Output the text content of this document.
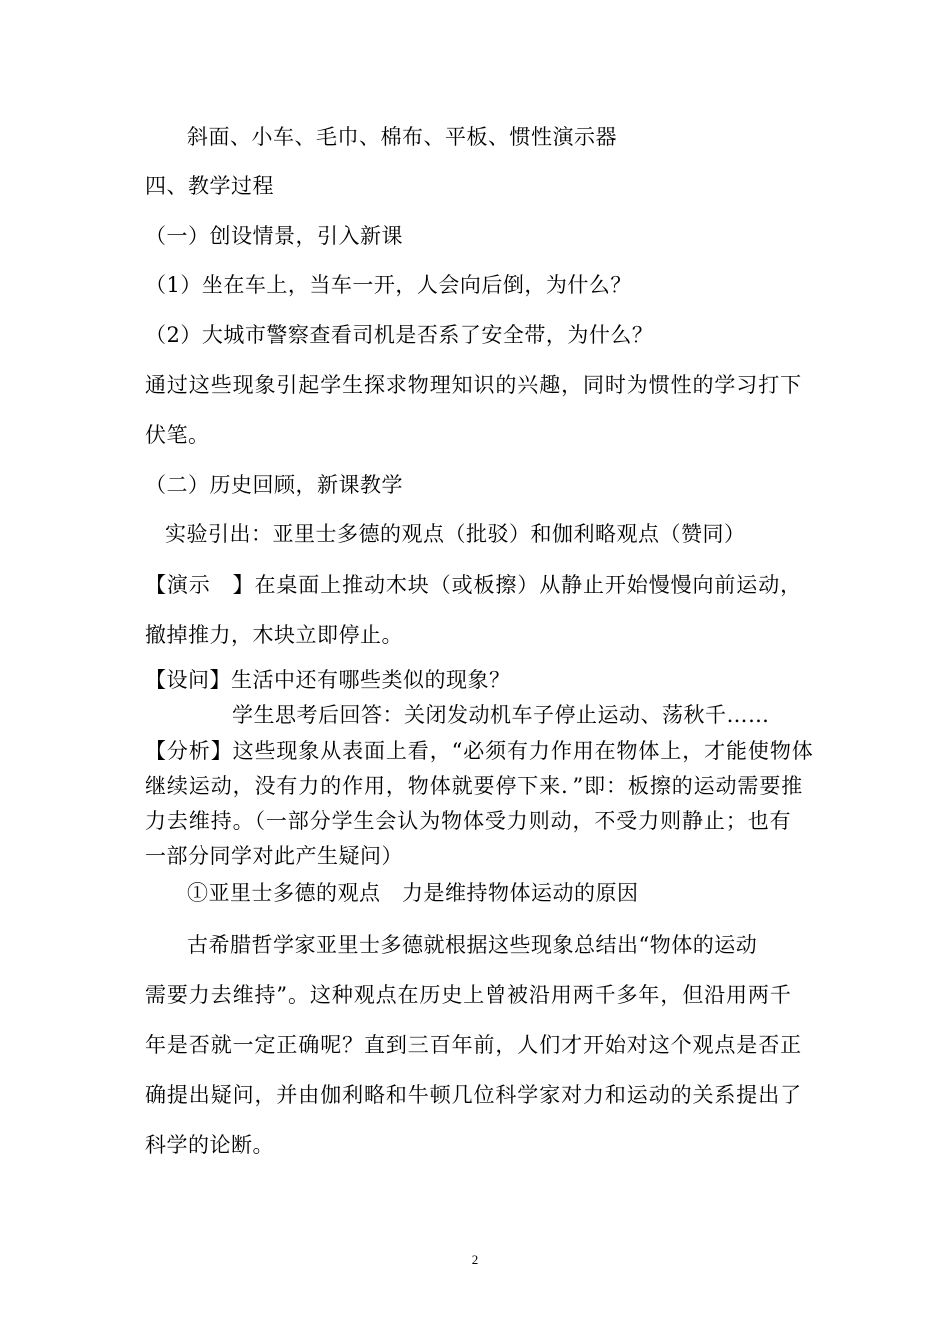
斜面、小车、毛巾、棉布、平板、惯性演示器
四、教学过程
（一）创设情景，引入新课
（1）坐在车上，当车一开，人会向后倒，为什么？
（2）大城市警察查看司机是否系了安全带，为什么？
通过这些现象引起学生探求物理知识的兴趣，同时为惯性的学习打下
伏笔。
（二）历史回顾，新课教学
实验引出：亚里士多德的观点（批驳）和伽利略观点（赞同）
【演示　】在桌面上推动木块（或板擦）从静止开始慢慢向前运动，
撤掉推力，木块立即停止。
【设问】生活中还有哪些类似的现象？
学生思考后回答：关闭发动机车子停止运动、荡秋千……
【分析】这些现象从表面上看，“必须有力作用在物体上，才能使物体
继续运动，没有力的作用，物体就要停下来．”即：板擦的运动需要推
力去维持。（一部分学生会认为物体受力则动，不受力则静止；也有
一部分同学对此产生疑问）
①亚里士多德的观点　力是维持物体运动的原因
古希腊哲学家亚里士多德就根据这些现象总结出“物体的运动
需要力去维持”。这种观点在历史上曾被沿用两千多年，但沿用两千
年是否就一定正确呢？直到三百年前，人们才开始对这个观点是否正
确提出疑问，并由伽利略和牛顿几位科学家对力和运动的关系提出了
科学的论断。
2
